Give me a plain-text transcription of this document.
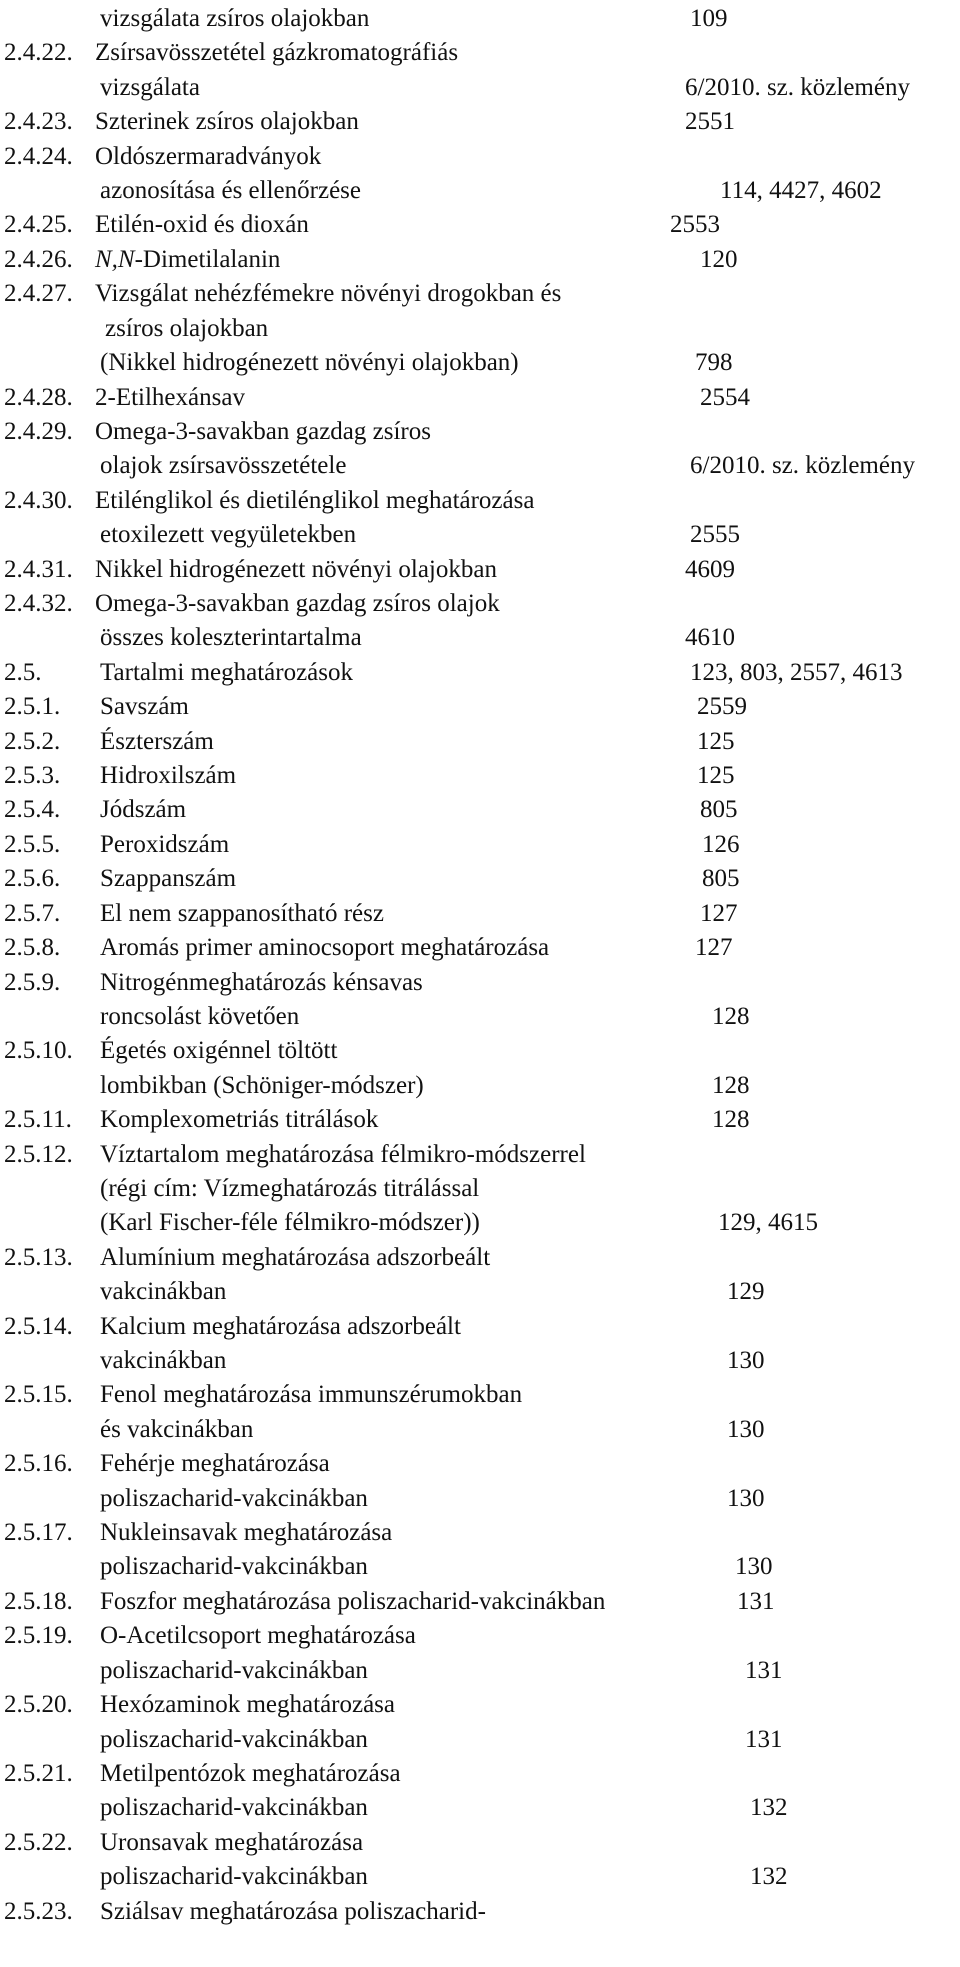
vizsgálata zsíros olajokban	109
2.4.22. Zsírsavösszetétel gázkromatográfiás
vizsgálata	6/2010. sz. közlemény
2.4.23. Szterinek zsíros olajokban	2551
2.4.24. Oldószermaradványok
azonosítása és ellenőrzése	114, 4427, 4602
2.4.25. Etilén-oxid és dioxán	2553
2.4.26. N,N-Dimetilalanin	120
2.4.27. Vizsgálat nehézfémekre növényi drogokban és
zsíros olajokban
(Nikkel hidrogénezett növényi olajokban)	798
2.4.28. 2-Etilhexánsav	2554
2.4.29. Omega-3-savakban gazdag zsíros
olajok zsírsavösszetétele	6/2010. sz. közlemény
2.4.30. Etilénglikol és dietilénglikol meghatározása
etoxilezett vegyületekben	2555
2.4.31. Nikkel hidrogénezett növényi olajokban	4609
2.4.32. Omega-3-savakban gazdag zsíros olajok
összes koleszterintartalma	4610
2.5. Tartalmi meghatározások	123, 803, 2557, 4613
2.5.1. Savszám	2559
2.5.2. Észterszám	125
2.5.3. Hidroxilszám	125
2.5.4. Jódszám	805
2.5.5. Peroxidszám	126
2.5.6. Szappanszám	805
2.5.7. El nem szappanosítható rész	127
2.5.8. Aromás primer aminocsoport meghatározása	127
2.5.9. Nitrogénmeghatározás kénsavas
roncsolást követően	128
2.5.10. Égetés oxigénnel töltött
lombikban (Schöniger-módszer)	128
2.5.11. Komplexometriás titrálások	128
2.5.12. Víztartalom meghatározása félmikro-módszerrel
(régi cím: Vízmeghatározás titrálással
(Karl Fischer-féle félmikro-módszer))	129, 4615
2.5.13. Alumínium meghatározása adszorbeált
vakcinákban	129
2.5.14. Kalcium meghatározása adszorbeált
vakcinákban	130
2.5.15. Fenol meghatározása immunszérumokban
és vakcinákban	130
2.5.16. Fehérje meghatározása
poliszacharid-vakcinákban	130
2.5.17. Nukleinsavak meghatározása
poliszacharid-vakcinákban	130
2.5.18. Foszfor meghatározása poliszacharid-vakcinákban	131
2.5.19. O-Acetilcsoport meghatározása
poliszacharid-vakcinákban	131
2.5.20. Hexózaminok meghatározása
poliszacharid-vakcinákban	131
2.5.21. Metilpentózok meghatározása
poliszacharid-vakcinákban	132
2.5.22. Uronsavak meghatározása
poliszacharid-vakcinákban	132
2.5.23. Sziálsav meghatározása poliszacharid-
